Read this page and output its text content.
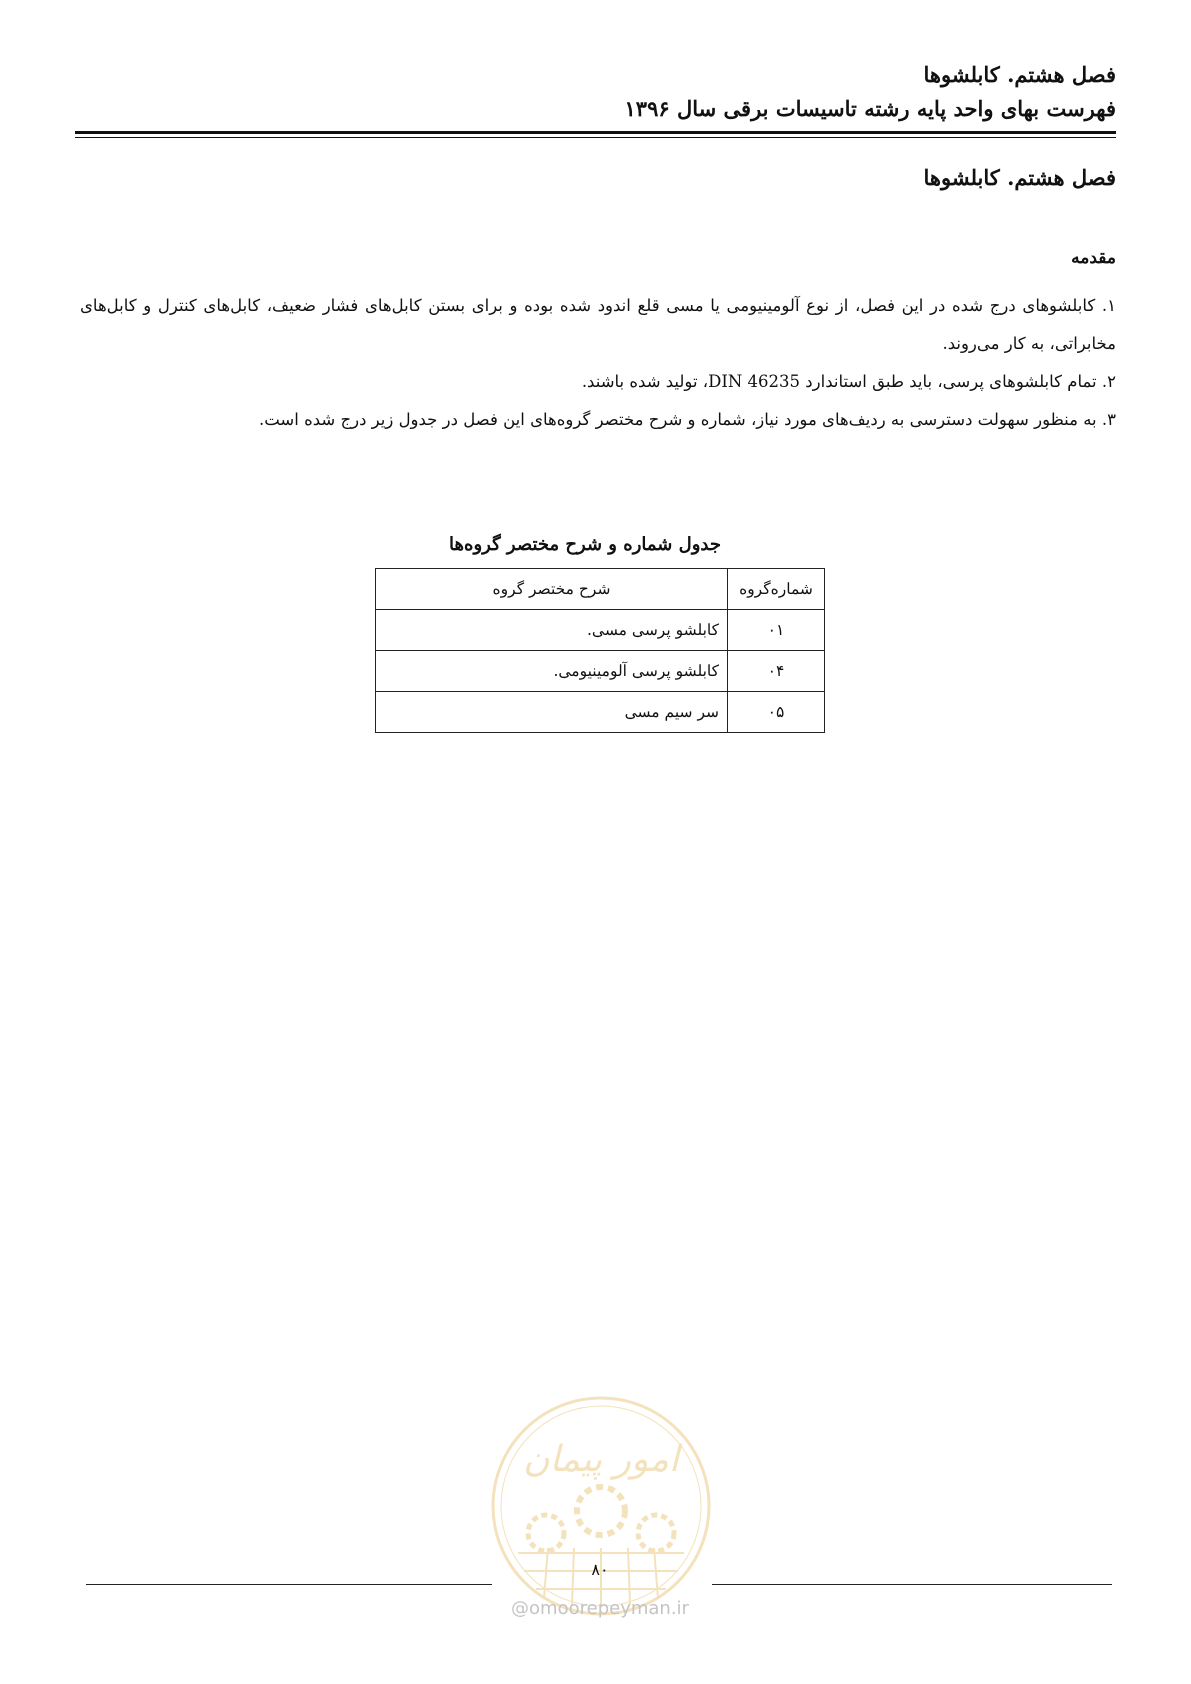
فصل هشتم. کابلشوها
فهرست بهای واحد پایه رشته تاسیسات برقی سال ۱۳۹۶
فصل هشتم. کابلشوها
مقدمه

۱. کابلشوهای درج شده در این فصل، از نوع آلومینیومی یا مسی قلع اندود شده بوده و برای بستن کابل‌های فشار ضعیف، کابل‌های کنترل و کابل‌های مخابراتی، به کار می‌روند.

۲. تمام کابلشوهای پرسی، باید طبق استاندارد DIN 46235، تولید شده باشند.

۳. به منظور سهولت دسترسی به ردیف‌های مورد نیاز، شماره و شرح مختصر گروه‌های این فصل در جدول زیر درج شده است.

جدول شماره و شرح مختصر گروه‌ها
شماره‌گروه	شرح مختصر گروه
۰۱	کابلشو پرسی مسی.
۰۴	کابلشو پرسی آلومینیومی.
۰۵	سر سیم مسی
امور پیمان
۸۰
@omoorepeyman.ir
